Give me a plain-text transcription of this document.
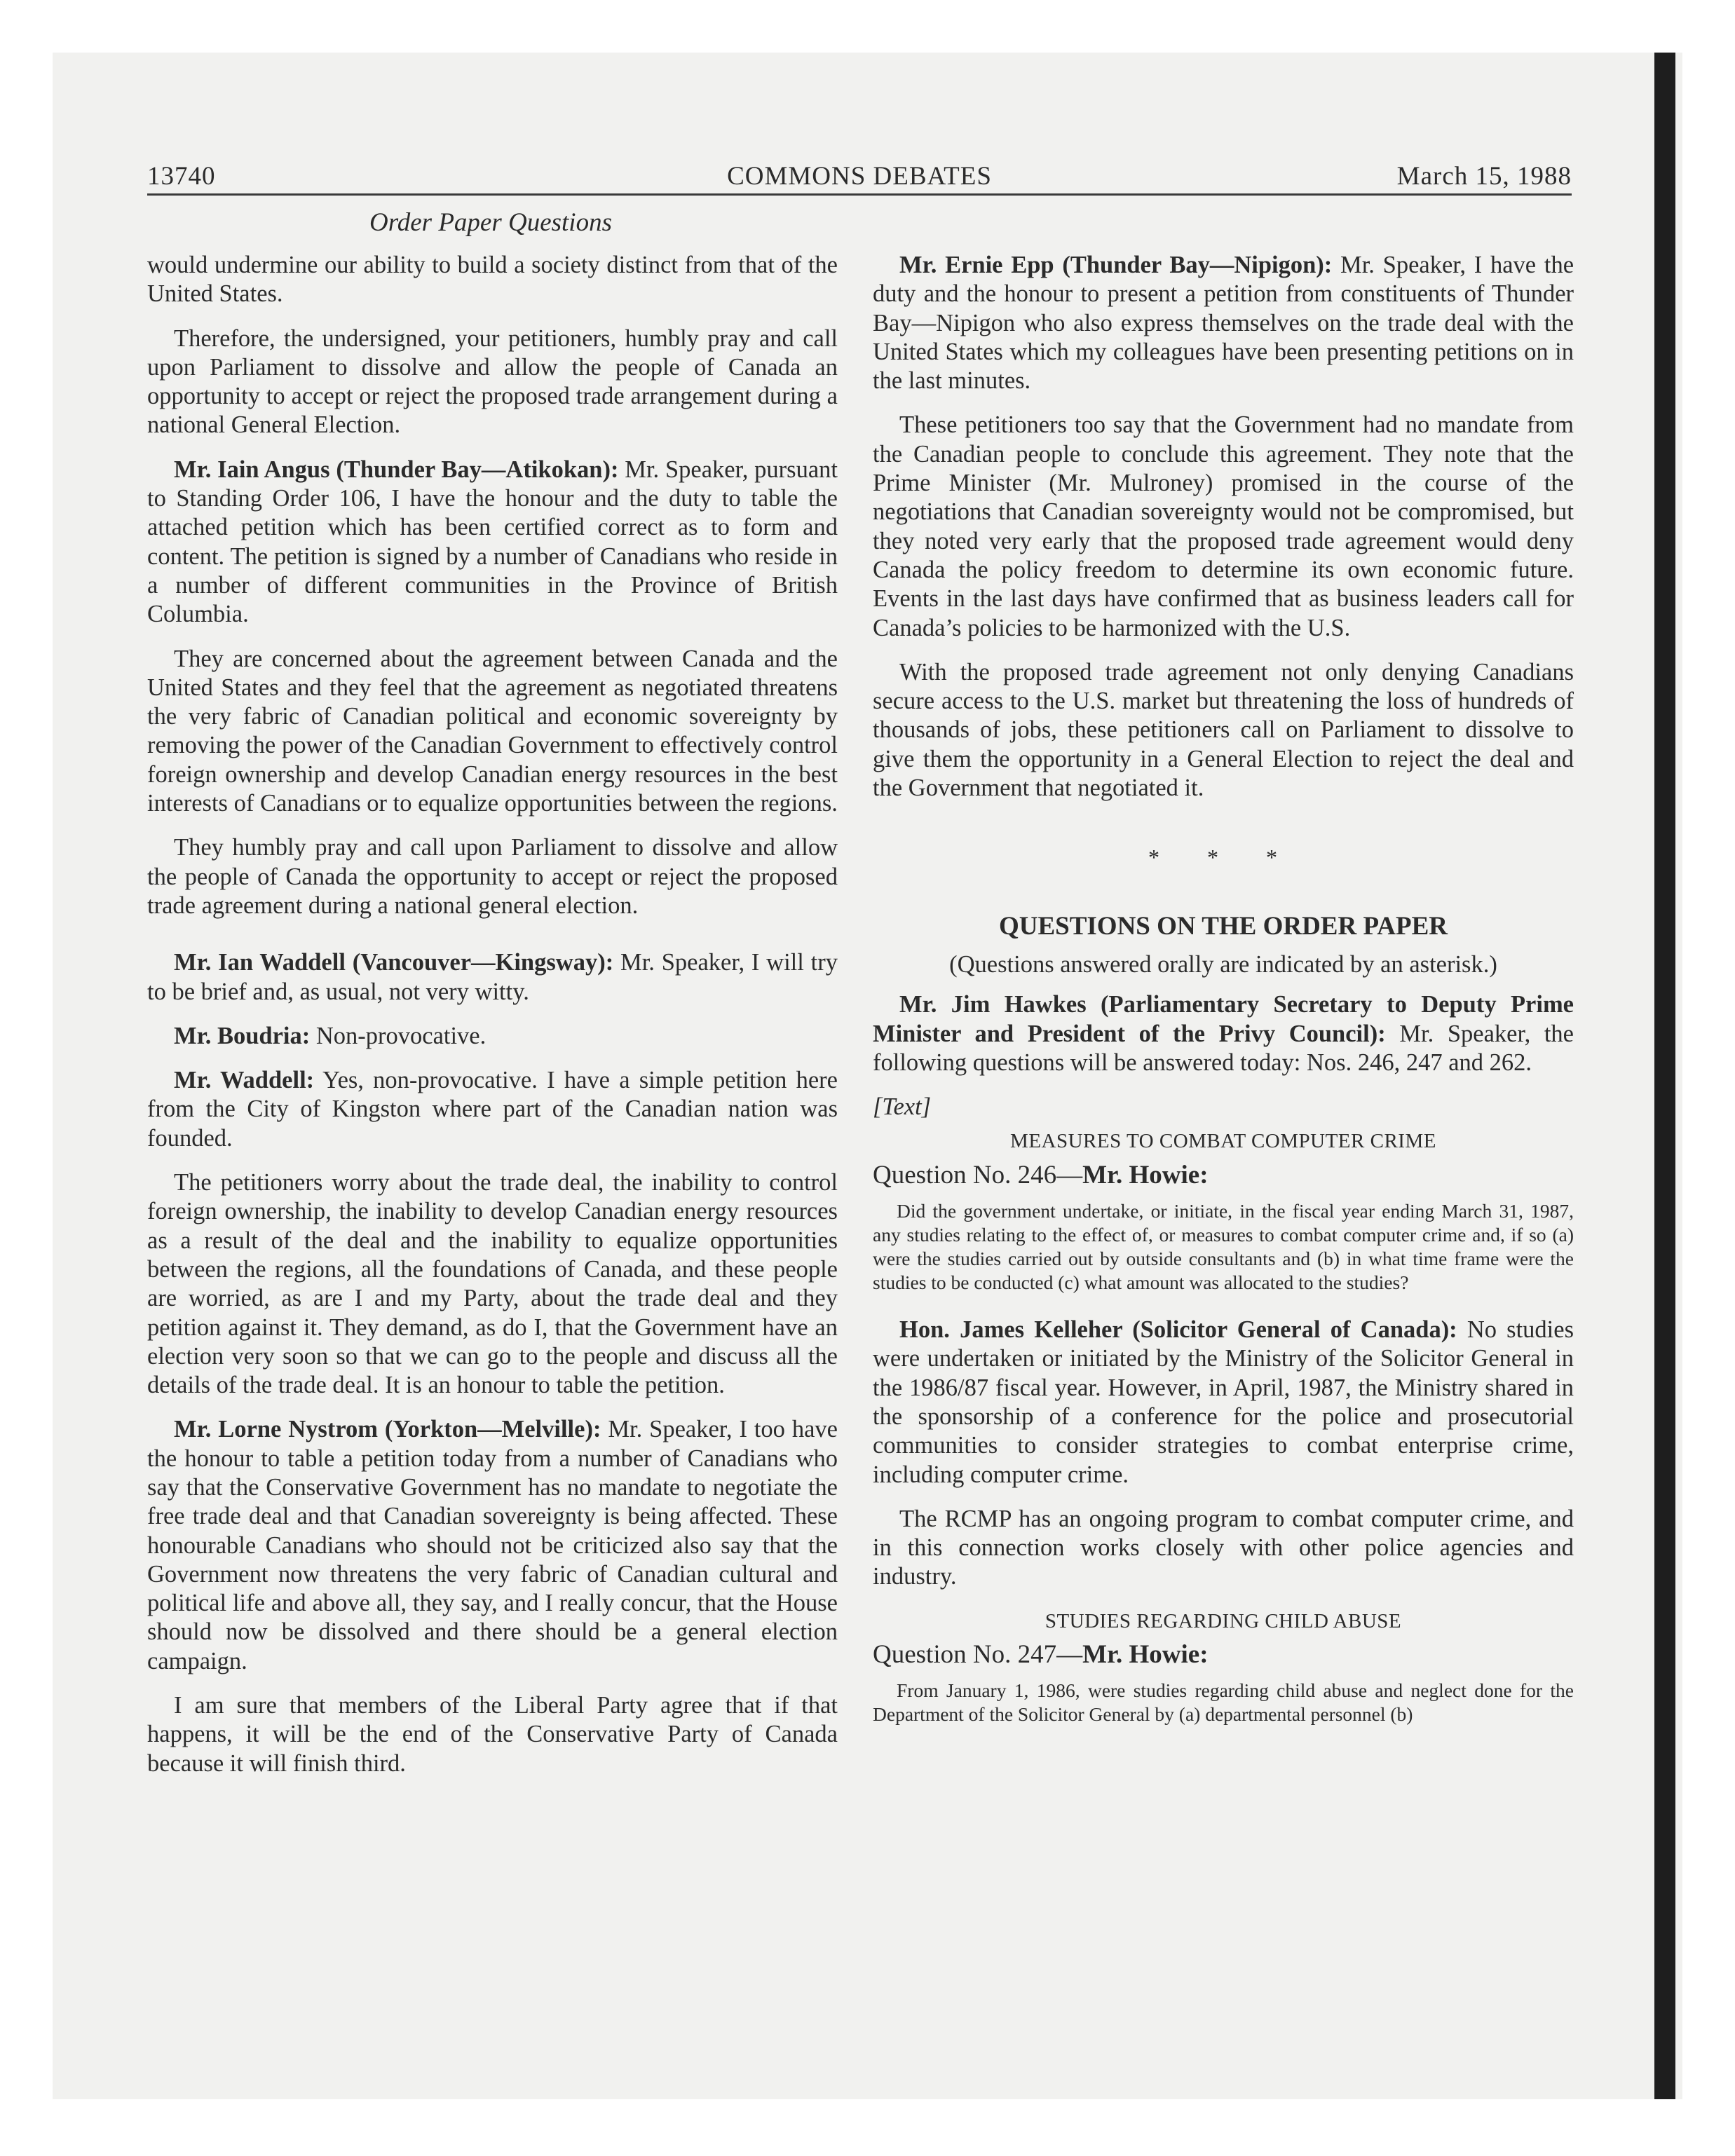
13740	COMMONS DEBATES	March 15, 1988
Order Paper Questions

would undermine our ability to build a society distinct from that of the United States.

Therefore, the undersigned, your petitioners, humbly pray and call upon Parliament to dissolve and allow the people of Canada an opportunity to accept or reject the proposed trade arrangement during a national General Election.

Mr. Iain Angus (Thunder Bay—Atikokan): Mr. Speaker, pursuant to Standing Order 106, I have the honour and the duty to table the attached petition which has been certified correct as to form and content. The petition is signed by a number of Canadians who reside in a number of different communities in the Province of British Columbia.

They are concerned about the agreement between Canada and the United States and they feel that the agreement as negotiated threatens the very fabric of Canadian political and economic sovereignty by removing the power of the Canadian Government to effectively control foreign ownership and develop Canadian energy resources in the best interests of Canadians or to equalize opportunities between the regions.

They humbly pray and call upon Parliament to dissolve and allow the people of Canada the opportunity to accept or reject the proposed trade agreement during a national general election.

Mr. Ian Waddell (Vancouver—Kingsway): Mr. Speaker, I will try to be brief and, as usual, not very witty.

Mr. Boudria: Non-provocative.

Mr. Waddell: Yes, non-provocative. I have a simple petition here from the City of Kingston where part of the Canadian nation was founded.

The petitioners worry about the trade deal, the inability to control foreign ownership, the inability to develop Canadian energy resources as a result of the deal and the inability to equalize opportunities between the regions, all the foundations of Canada, and these people are worried, as are I and my Party, about the trade deal and they petition against it. They demand, as do I, that the Government have an election very soon so that we can go to the people and discuss all the details of the trade deal. It is an honour to table the petition.

Mr. Lorne Nystrom (Yorkton—Melville): Mr. Speaker, I too have the honour to table a petition today from a number of Canadians who say that the Conservative Government has no mandate to negotiate the free trade deal and that Canadian sovereignty is being affected. These honourable Canadians who should not be criticized also say that the Government now threatens the very fabric of Canadian cultural and political life and above all, they say, and I really concur, that the House should now be dissolved and there should be a general election campaign.

I am sure that members of the Liberal Party agree that if that happens, it will be the end of the Conservative Party of Canada because it will finish third.

Mr. Ernie Epp (Thunder Bay—Nipigon): Mr. Speaker, I have the duty and the honour to present a petition from constituents of Thunder Bay—Nipigon who also express themselves on the trade deal with the United States which my colleagues have been presenting petitions on in the last minutes.

These petitioners too say that the Government had no mandate from the Canadian people to conclude this agreement. They note that the Prime Minister (Mr. Mulroney) promised in the course of the negotiations that Canadian sovereignty would not be compromised, but they noted very early that the proposed trade agreement would deny Canada the policy freedom to determine its own economic future. Events in the last days have confirmed that as business leaders call for Canada’s policies to be harmonized with the U.S.

With the proposed trade agreement not only denying Canadians secure access to the U.S. market but threatening the loss of hundreds of thousands of jobs, these petitioners call on Parliament to dissolve to give them the opportunity in a General Election to reject the deal and the Government that negotiated it.

* * *
QUESTIONS ON THE ORDER PAPER
(Questions answered orally are indicated by an asterisk.)

Mr. Jim Hawkes (Parliamentary Secretary to Deputy Prime Minister and President of the Privy Council): Mr. Speaker, the following questions will be answered today: Nos. 246, 247 and 262.

[Text]
MEASURES TO COMBAT COMPUTER CRIME
Question No. 246—Mr. Howie:
Did the government undertake, or initiate, in the fiscal year ending March 31, 1987, any studies relating to the effect of, or measures to combat computer crime and, if so (a) were the studies carried out by outside consultants and (b) in what time frame were the studies to be conducted (c) what amount was allocated to the studies?

Hon. James Kelleher (Solicitor General of Canada): No studies were undertaken or initiated by the Ministry of the Solicitor General in the 1986/87 fiscal year. However, in April, 1987, the Ministry shared in the sponsorship of a conference for the police and prosecutorial communities to consider strategies to combat enterprise crime, including computer crime.

The RCMP has an ongoing program to combat computer crime, and in this connection works closely with other police agencies and industry.

STUDIES REGARDING CHILD ABUSE
Question No. 247—Mr. Howie:
From January 1, 1986, were studies regarding child abuse and neglect done for the Department of the Solicitor General by (a) departmental personnel (b)
